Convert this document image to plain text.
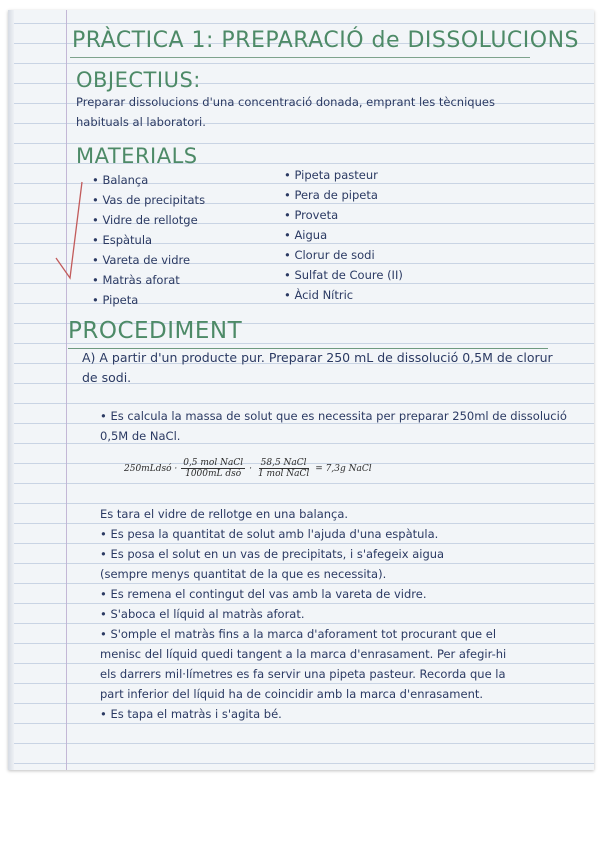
PRÀCTICA 1: PREPARACIÓ de DISSOLUCIONS
OBJECTIUS:
Preparar dissolucions d'una concentració donada, emprant les tècniques habituals al laboratori.
MATERIALS
• Balança
• Vas de precipitats
• Vidre de rellotge
• Espàtula
• Vareta de vidre
• Matràs aforat
• Pipeta
• Pipeta pasteur
• Pera de pipeta
• Proveta
• Aigua
• Clorur de sodi
• Sulfat de Coure (II)
• Àcid Nítric
PROCEDIMENT
A) A partir d'un producte pur. Preparar 250 mL de dissolució 0,5M de clorur de sodi.
• Es calcula la massa de solut que es necessita per preparar 250ml de dissolució 0,5M de NaCl.
250mLdsó · $\frac{\text{0,5 mol NaCl}}{\text{1000mL dsó}} \cdot \frac{\text{58,5 NaCl}}{\text{1 mol NaCl}} = 7,3g$ NaCl
Es tara el vidre de rellotge en una balança.
• Es pesa la quantitat de solut amb l'ajuda d'una espàtula.
• Es posa el solut en un vas de precipitats, i s'afegeix aigua
(sempre menys quantitat de la que es necessita).
• Es remena el contingut del vas amb la vareta de vidre.
• S'aboca el líquid al matràs aforat.
• S'omple el matràs fins a la marca d'aforament tot procurant que el
menisc del líquid quedi tangent a la marca d'enrasament. Per afegir-hi
els darrers mil·límetres es fa servir una pipeta pasteur. Recorda que la
part inferior del líquid ha de coincidir amb la marca d'enrasament.
• Es tapa el matràs i s'agita bé.
